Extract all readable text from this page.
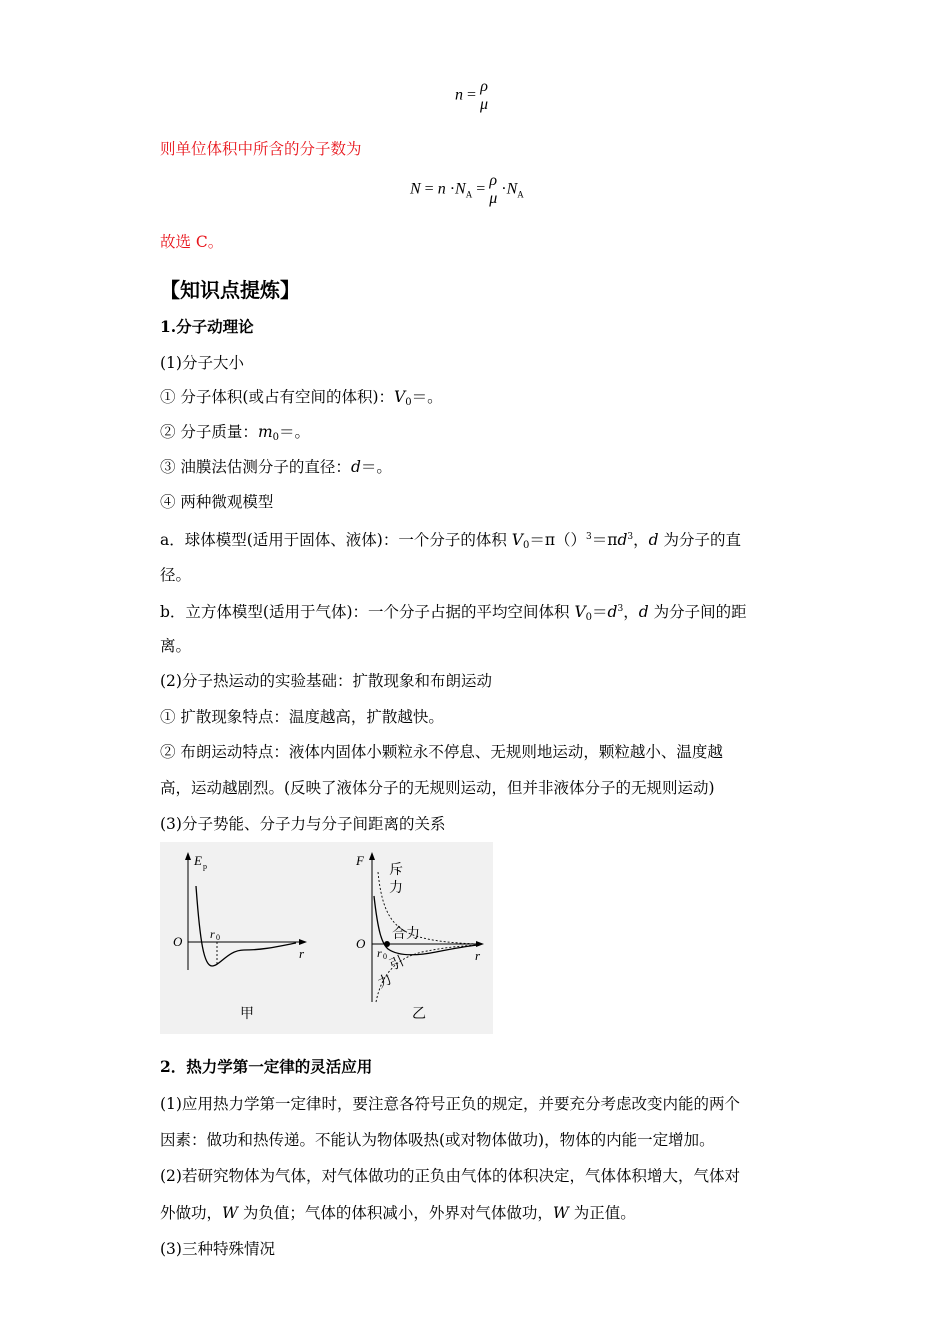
n =
ρ
μ
则单位体积中所含的分子数为
$N = n \cdot N_A$ =
ρ
μ
$\cdot N_A$
故选 C。
【知识点提炼】
1.分子动理论
(1)分子大小
① 分子体积(或占有空间的体积)：$V_0=$。
② 分子质量：$m_0=$。
③ 油膜法估测分子的直径：d＝。
④ 两种微观模型
a．球体模型(适用于固体、液体)：一个分子的体积 $V_0=\pi()^3=\pi d^3$，d 为分子的直
径。
b．立方体模型(适用于气体)：一个分子占据的平均空间体积 $V_0=d^3$，d 为分子间的距
离。
(2)分子热运动的实验基础：扩散现象和布朗运动
① 扩散现象特点：温度越高，扩散越快。
② 布朗运动特点：液体内固体小颗粒永不停息、无规则地运动，颗粒越小、温度越
高，运动越剧烈。(反映了液体分子的无规则运动，但并非液体分子的无规则运动)
(3)分子势能、分子力与分子间距离的关系
E p
O r 0
r
甲
F
斥
力
合力
O
r 0 引
力
r
乙
2．热力学第一定律的灵活应用
(1)应用热力学第一定律时，要注意各符号正负的规定，并要充分考虑改变内能的两个
因素：做功和热传递。不能认为物体吸热(或对物体做功)，物体的内能一定增加。
(2)若研究物体为气体，对气体做功的正负由气体的体积决定，气体体积增大，气体对
外做功，W 为负值；气体的体积减小，外界对气体做功，W 为正值。
(3)三种特殊情况
